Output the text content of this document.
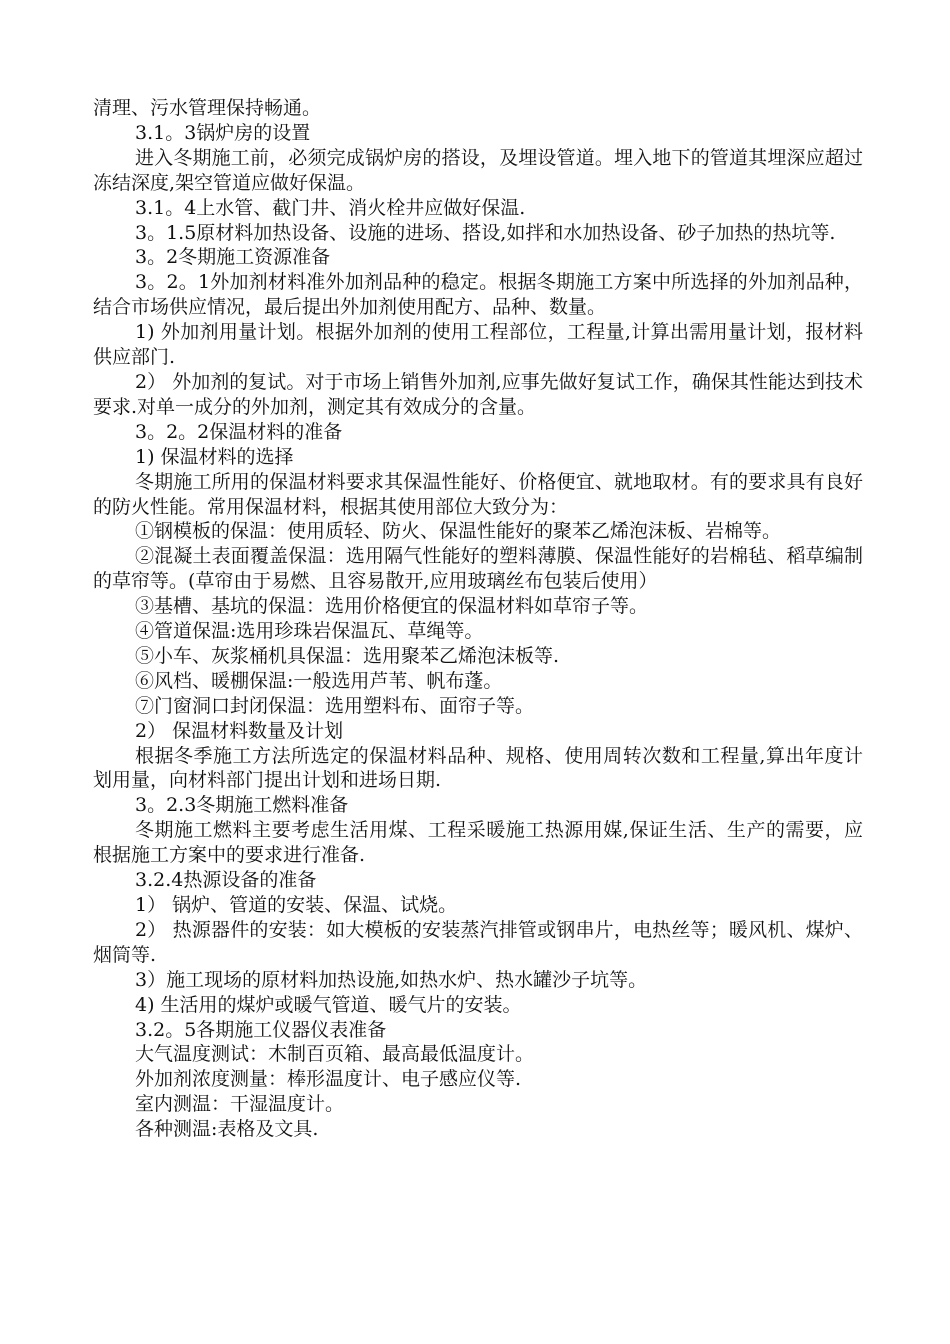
清理、污水管理保持畅通。

3.1。3锅炉房的设置

进入冬期施工前，必须完成锅炉房的搭设，及埋设管道。埋入地下的管道其埋深应超过冻结深度,架空管道应做好保温。

3.1。4上水管、截门井、消火栓井应做好保温.

3。1.5原材料加热设备、设施的进场、搭设,如拌和水加热设备、砂子加热的热坑等.

3。2冬期施工资源准备

3。2。1外加剂材料准外加剂品种的稳定。根据冬期施工方案中所选择的外加剂品种，结合市场供应情况，最后提出外加剂使用配方、品种、数量。

1) 外加剂用量计划。根据外加剂的使用工程部位，工程量,计算出需用量计划，报材料供应部门.

2） 外加剂的复试。对于市场上销售外加剂,应事先做好复试工作，确保其性能达到技术要求.对单一成分的外加剂，测定其有效成分的含量。

3。2。2保温材料的准备

1) 保温材料的选择

冬期施工所用的保温材料要求其保温性能好、价格便宜、就地取材。有的要求具有良好的防火性能。常用保温材料，根据其使用部位大致分为：

①钢模板的保温：使用质轻、防火、保温性能好的聚苯乙烯泡沫板、岩棉等。

②混凝土表面覆盖保温：选用隔气性能好的塑料薄膜、保温性能好的岩棉毡、稻草编制的草帘等。(草帘由于易燃、且容易散开,应用玻璃丝布包装后使用）

③基槽、基坑的保温：选用价格便宜的保温材料如草帘子等。

④管道保温:选用珍珠岩保温瓦、草绳等。

⑤小车、灰浆桶机具保温：选用聚苯乙烯泡沫板等.

⑥风档、暖棚保温:一般选用芦苇、帆布蓬。

⑦门窗洞口封闭保温：选用塑料布、面帘子等。

2） 保温材料数量及计划

根据冬季施工方法所选定的保温材料品种、规格、使用周转次数和工程量,算出年度计划用量，向材料部门提出计划和进场日期.

3。2.3冬期施工燃料准备

冬期施工燃料主要考虑生活用煤、工程采暖施工热源用媒,保证生活、生产的需要，应根据施工方案中的要求进行准备.

3.2.4热源设备的准备

1） 锅炉、管道的安装、保温、试烧。

2） 热源器件的安装：如大模板的安装蒸汽排管或钢串片，电热丝等；暖风机、煤炉、烟筒等.

3）施工现场的原材料加热设施,如热水炉、热水罐沙子坑等。

4) 生活用的煤炉或暖气管道、暖气片的安装。

3.2。5各期施工仪器仪表准备

大气温度测试：木制百页箱、最高最低温度计。

外加剂浓度测量：棒形温度计、电子感应仪等.

室内测温：干湿温度计。

各种测温:表格及文具.
